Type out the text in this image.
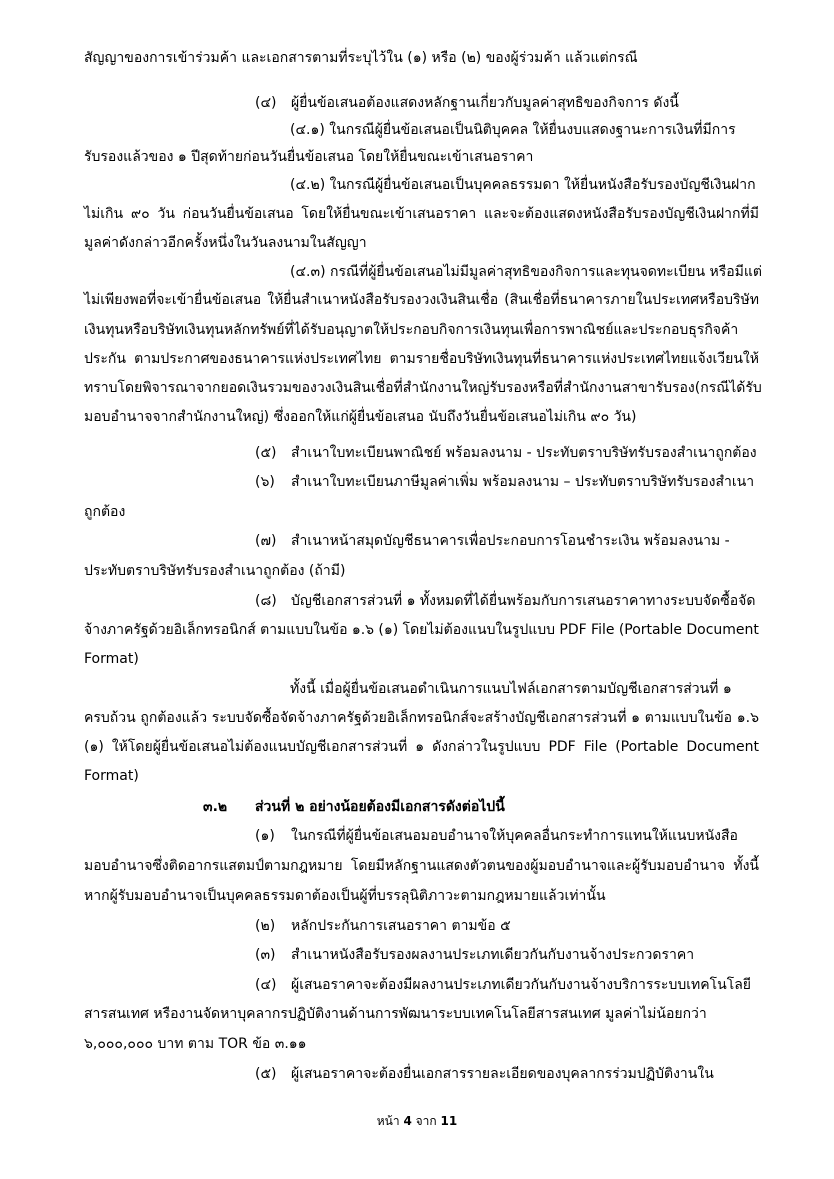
สัญญาของการเข้าร่วมค้า และเอกสารตามที่ระบุไว้ใน (๑) หรือ (๒) ของผู้ร่วมค้า แล้วแต่กรณี
(๔) ผู้ยื่นข้อเสนอต้องแสดงหลักฐานเกี่ยวกับมูลค่าสุทธิของกิจการ ดังนี้
(๔.๑) ในกรณีผู้ยื่นข้อเสนอเป็นนิติบุคคล ให้ยื่นงบแสดงฐานะการเงินที่มีการ
รับรองแล้วของ ๑ ปีสุดท้ายก่อนวันยื่นข้อเสนอ โดยให้ยื่นขณะเข้าเสนอราคา
(๔.๒) ในกรณีผู้ยื่นข้อเสนอเป็นบุคคลธรรมดา ให้ยื่นหนังสือรับรองบัญชีเงินฝาก
ไม่เกิน ๙๐ วัน ก่อนวันยื่นข้อเสนอ โดยให้ยื่นขณะเข้าเสนอราคา และจะต้องแสดงหนังสือรับรองบัญชีเงินฝากที่มี
มูลค่าดังกล่าวอีกครั้งหนึ่งในวันลงนามในสัญญา
(๔.๓) กรณีที่ผู้ยื่นข้อเสนอไม่มีมูลค่าสุทธิของกิจการและทุนจดทะเบียน หรือมีแต่
ไม่เพียงพอที่จะเข้ายื่นข้อเสนอ ให้ยื่นสำเนาหนังสือรับรองวงเงินสินเชื่อ (สินเชื่อที่ธนาคารภายในประเทศหรือบริษัท
เงินทุนหรือบริษัทเงินทุนหลักทรัพย์ที่ได้รับอนุญาตให้ประกอบกิจการเงินทุนเพื่อการพาณิชย์และประกอบธุรกิจค้า
ประกัน ตามประกาศของธนาคารแห่งประเทศไทย ตามรายชื่อบริษัทเงินทุนที่ธนาคารแห่งประเทศไทยแจ้งเวียนให้
ทราบ โดยพิจารณาจากยอดเงินรวมของวงเงินสินเชื่อที่สำนักงานใหญ่รับรองหรือที่สำนักงานสาขารับรอง (กรณีได้รับ
มอบอำนาจจากสำนักงานใหญ่) ซึ่งออกให้แก่ผู้ยื่นข้อเสนอ นับถึงวันยื่นข้อเสนอไม่เกิน ๙๐ วัน)
(๕) สำเนาใบทะเบียนพาณิชย์ พร้อมลงนาม - ประทับตราบริษัทรับรองสำเนาถูกต้อง
(๖) สำเนาใบทะเบียนภาษีมูลค่าเพิ่ม พร้อมลงนาม – ประทับตราบริษัทรับรองสำเนา
ถูกต้อง
(๗) สำเนาหน้าสมุดบัญชีธนาคารเพื่อประกอบการโอนชำระเงิน พร้อมลงนาม -
ประทับตราบริษัทรับรองสำเนาถูกต้อง (ถ้ามี)
(๘) บัญชีเอกสารส่วนที่ ๑ ทั้งหมดที่ได้ยื่นพร้อมกับการเสนอราคาทางระบบจัดซื้อจัด
จ้างภาครัฐด้วยอิเล็กทรอนิกส์ ตามแบบในข้อ ๑.๖ (๑) โดยไม่ต้องแนบในรูปแบบ PDF File (Portable Document
Format)
ทั้งนี้ เมื่อผู้ยื่นข้อเสนอดำเนินการแนบไฟล์เอกสารตามบัญชีเอกสารส่วนที่ ๑
ครบถ้วน ถูกต้องแล้ว ระบบจัดซื้อจัดจ้างภาครัฐด้วยอิเล็กทรอนิกส์จะสร้างบัญชีเอกสารส่วนที่ ๑ ตามแบบในข้อ ๑.๖
(๑) ให้โดยผู้ยื่นข้อเสนอไม่ต้องแนบบัญชีเอกสารส่วนที่ ๑ ดังกล่าวในรูปแบบ PDF File (Portable Document
Format)
๓.๒ ส่วนที่ ๒ อย่างน้อยต้องมีเอกสารดังต่อไปนี้
(๑) ในกรณีที่ผู้ยื่นข้อเสนอมอบอำนาจให้บุคคลอื่นกระทำการแทนให้แนบหนังสือ
มอบอำนาจซึ่งติดอากรแสตมป์ตามกฎหมาย โดยมีหลักฐานแสดงตัวตนของผู้มอบอำนาจและผู้รับมอบอำนาจ ทั้งนี้
หากผู้รับมอบอำนาจเป็นบุคคลธรรมดาต้องเป็นผู้ที่บรรลุนิติภาวะตามกฎหมายแล้วเท่านั้น
(๒) หลักประกันการเสนอราคา ตามข้อ ๕
(๓) สำเนาหนังสือรับรองผลงานประเภทเดียวกันกับงานจ้างประกวดราคา
(๔) ผู้เสนอราคาจะต้องมีผลงานประเภทเดียวกันกับงานจ้างบริการระบบเทคโนโลยี
สารสนเทศ หรืองานจัดหาบุคลากรปฏิบัติงานด้านการพัฒนาระบบเทคโนโลยีสารสนเทศ มูลค่าไม่น้อยกว่า
๖,๐๐๐,๐๐๐ บาท ตาม TOR ข้อ ๓.๑๑
(๕) ผู้เสนอราคาจะต้องยื่นเอกสารรายละเอียดของบุคลากรร่วมปฏิบัติงานใน
หน้า 4 จาก 11
